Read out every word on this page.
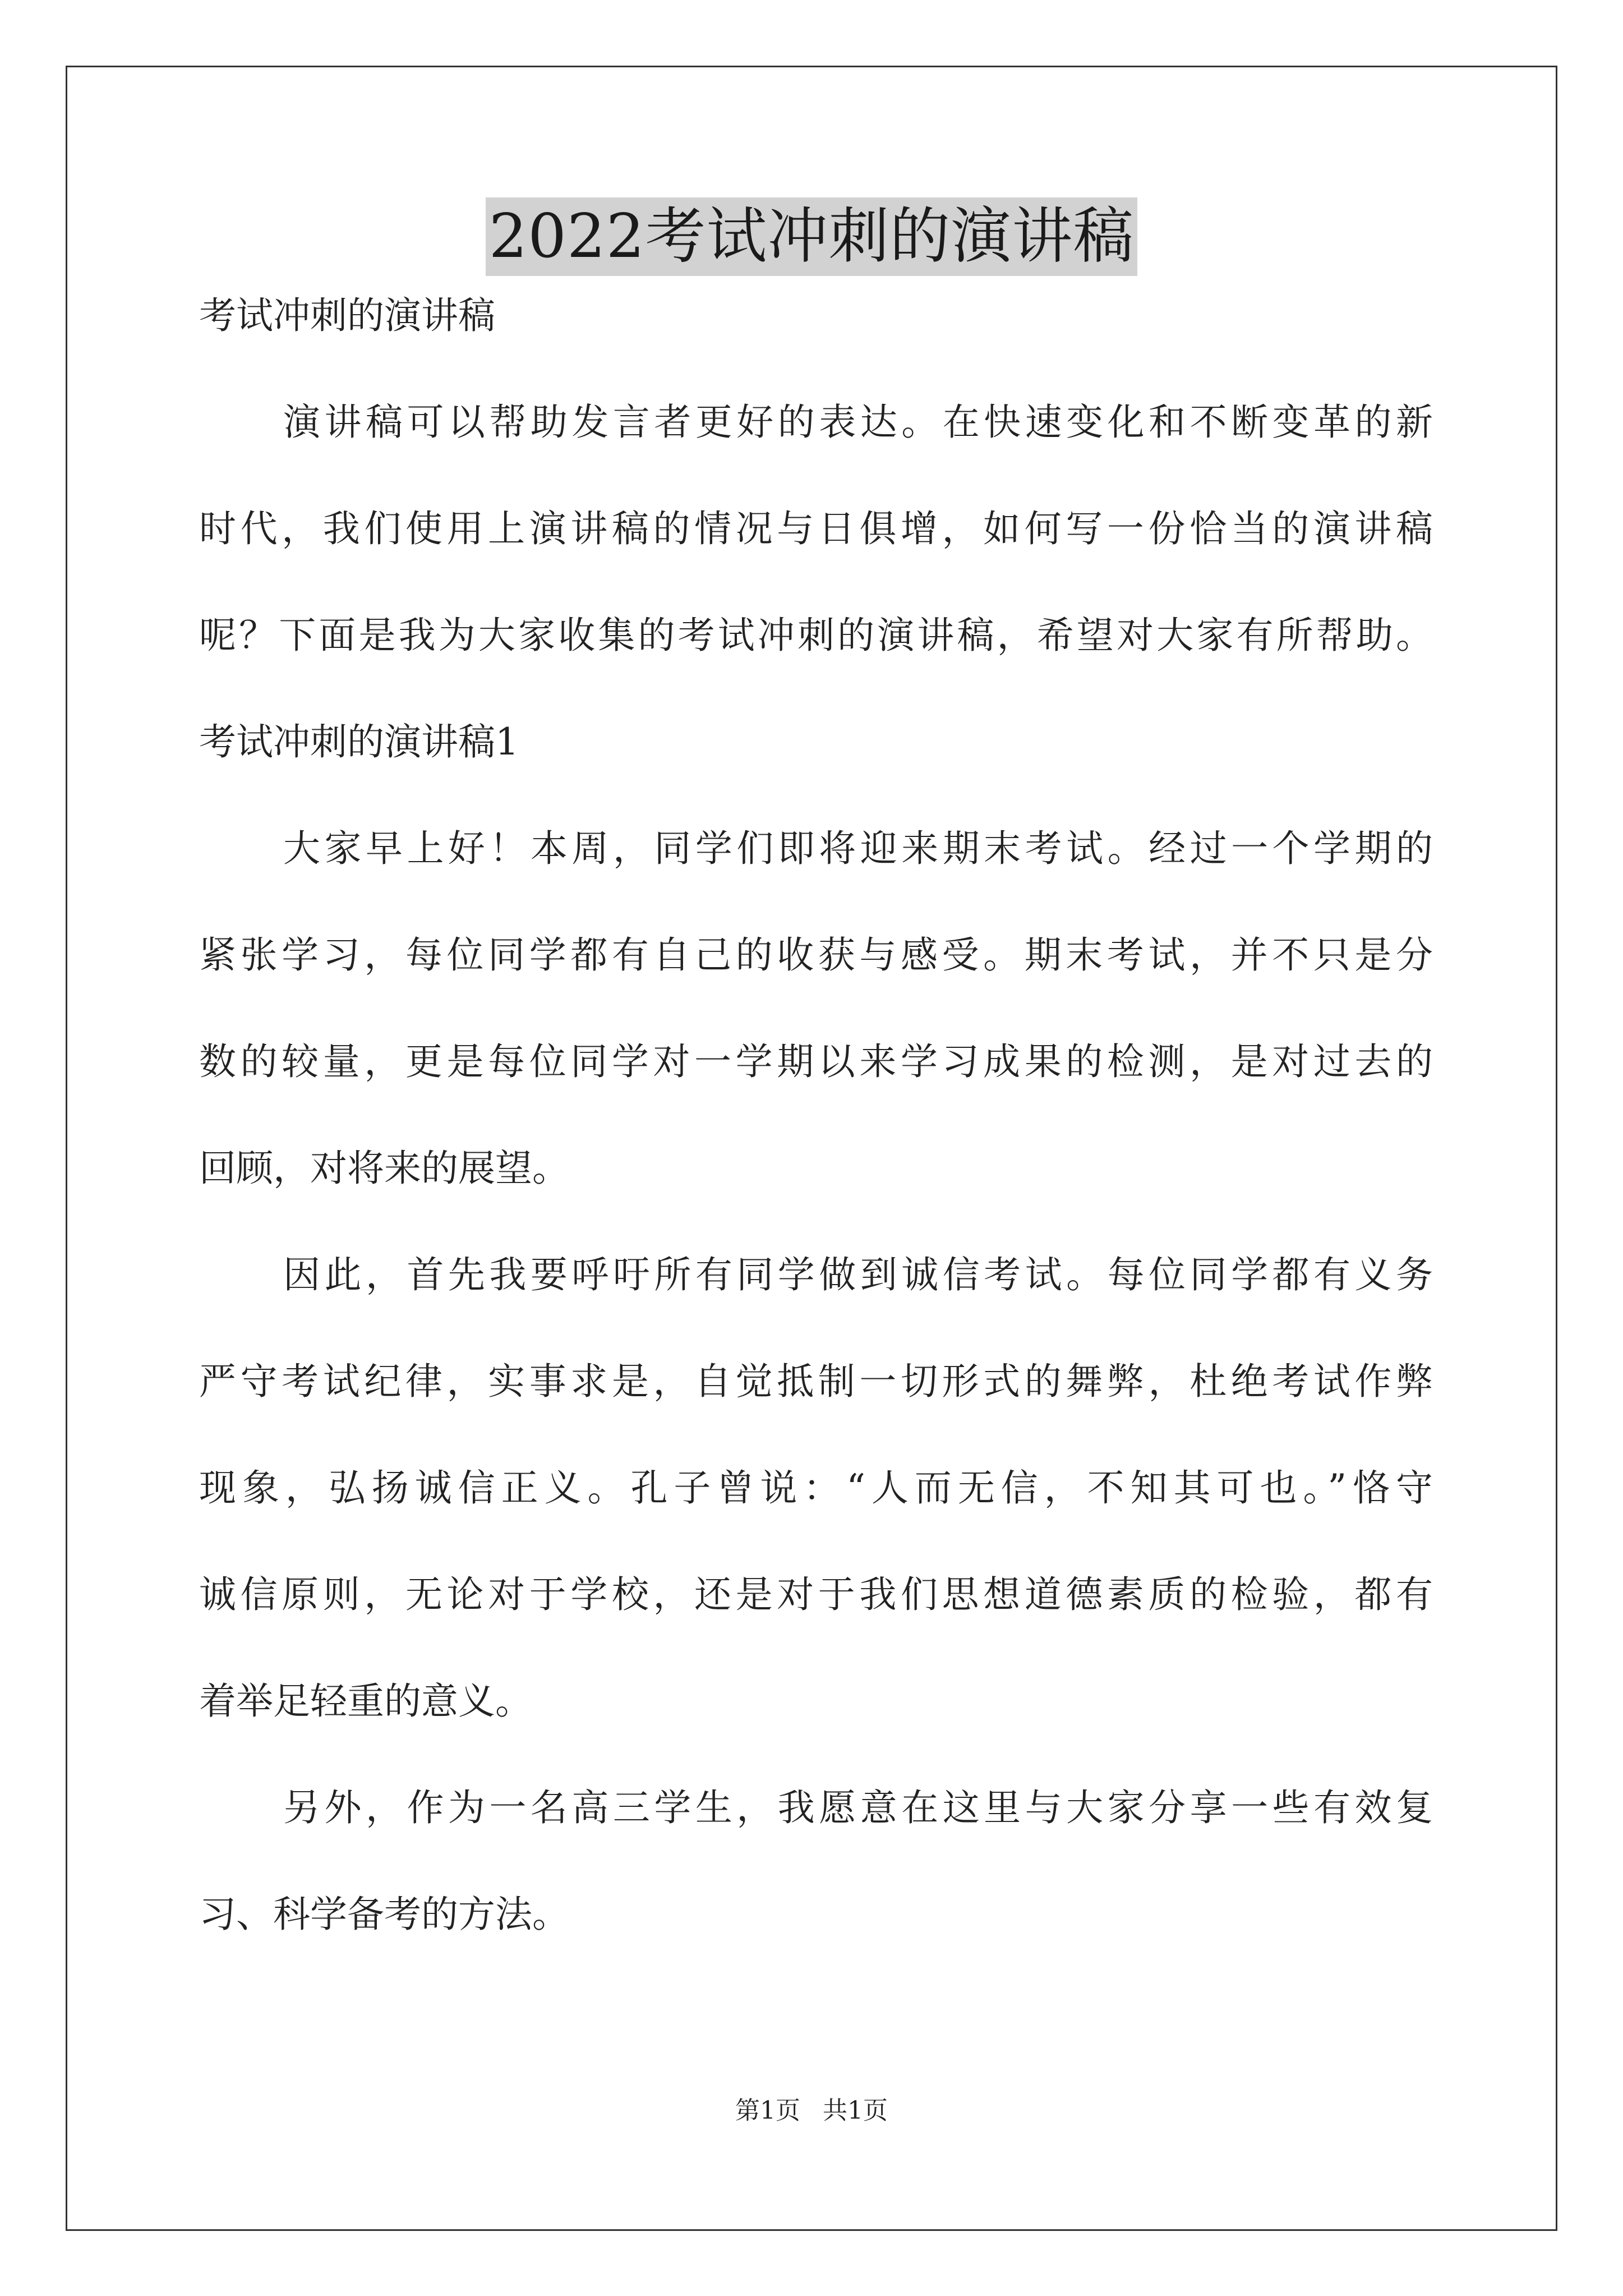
2022考试冲刺的演讲稿
考试冲刺的演讲稿
演讲稿可以帮助发言者更好的表达。在快速变化和不断变革的新
时代，我们使用上演讲稿的情况与日俱增，如何写一份恰当的演讲稿
呢？下面是我为大家收集的考试冲刺的演讲稿，希望对大家有所帮助。
考试冲刺的演讲稿1
大家早上好！本周，同学们即将迎来期末考试。经过一个学期的
紧张学习，每位同学都有自己的收获与感受。期末考试，并不只是分
数的较量，更是每位同学对一学期以来学习成果的检测，是对过去的
回顾，对将来的展望。
因此，首先我要呼吁所有同学做到诚信考试。每位同学都有义务
严守考试纪律，实事求是，自觉抵制一切形式的舞弊，杜绝考试作弊
现象，弘扬诚信正义。孔子曾说：“人而无信，不知其可也。”恪守
诚信原则，无论对于学校，还是对于我们思想道德素质的检验，都有
着举足轻重的意义。
另外，作为一名高三学生，我愿意在这里与大家分享一些有效复
习、科学备考的方法。
第1页 共1页
